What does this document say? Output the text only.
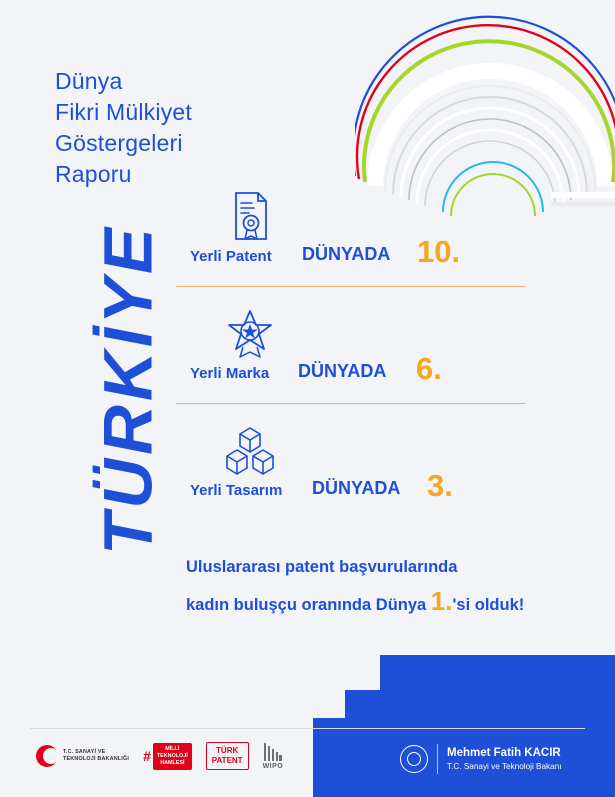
Dünya
Fikri Mülkiyet
Göstergeleri
Raporu
TÜRKİYE Yerli Patent DÜNYADA 10.
Yerli Marka DÜNYADA 6.
Yerli Tasarım DÜNYADA 3.
Uluslararası patent başvurularında
kadın buluşçu oranında Dünya 1.'si olduk!
T.C. SANAYİ VE
TEKNOLOJİ BAKANLIĞI #	MİLLİ
TEKNOLOJİ
HAMLESİ
TÜRK
PATENT
WIPO
Mehmet Fatih KACIR
T.C. Sanayi ve Teknoloji Bakanı
